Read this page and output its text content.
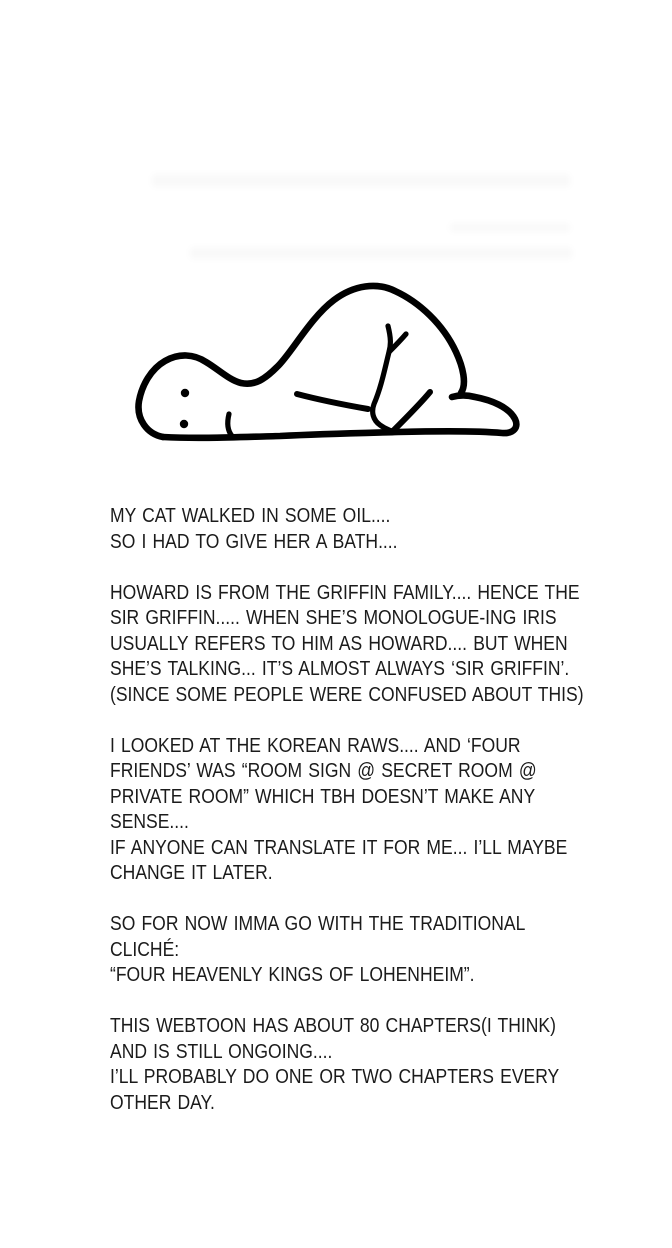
MY CAT WALKED IN SOME OIL....
SO I HAD TO GIVE HER A BATH....

HOWARD IS FROM THE GRIFFIN FAMILY.... HENCE THE
SIR GRIFFIN..... WHEN SHE’S MONOLOGUE-ING IRIS
USUALLY REFERS TO HIM AS HOWARD.... BUT WHEN
SHE’S TALKING... IT’S ALMOST ALWAYS ‘SIR GRIFFIN’.
(SINCE SOME PEOPLE WERE CONFUSED ABOUT THIS)

I LOOKED AT THE KOREAN RAWS.... AND ‘FOUR
FRIENDS’ WAS “ROOM SIGN @ SECRET ROOM @
PRIVATE ROOM” WHICH TBH DOESN’T MAKE ANY
SENSE....
IF ANYONE CAN TRANSLATE IT FOR ME... I’LL MAYBE
CHANGE IT LATER.

SO FOR NOW IMMA GO WITH THE TRADITIONAL
CLICHÉ:
“FOUR HEAVENLY KINGS OF LOHENHEIM”.

THIS WEBTOON HAS ABOUT 80 CHAPTERS(I THINK)
AND IS STILL ONGOING....
I’LL PROBABLY DO ONE OR TWO CHAPTERS EVERY
OTHER DAY.
